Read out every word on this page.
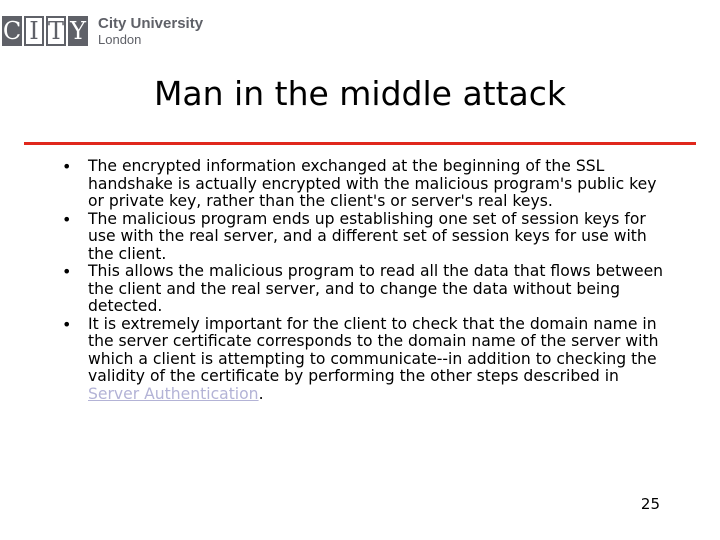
C I T Y City University
London
Man in the middle attack
• The encrypted information exchanged at the beginning of the SSL handshake is actually encrypted with the malicious program's public key or private key, rather than the client's or server's real keys.
• The malicious program ends up establishing one set of session keys for use with the real server, and a different set of session keys for use with the client.
• This allows the malicious program to read all the data that flows between the client and the real server, and to change the data without being detected.
• It is extremely important for the client to check that the domain name in the server certificate corresponds to the domain name of the server with which a client is attempting to communicate--in addition to checking the validity of the certificate by performing the other steps described in Server Authentication.
25
